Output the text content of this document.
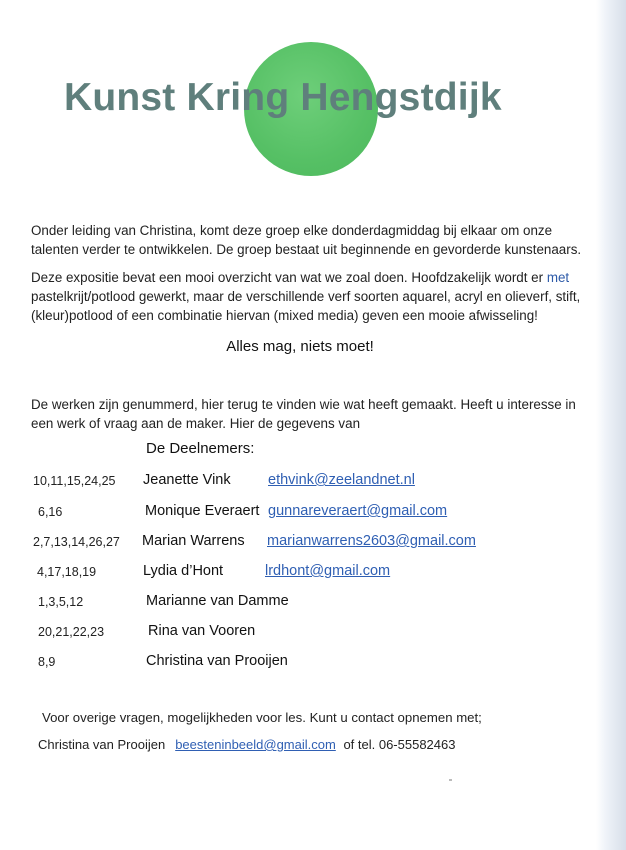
Kunst Kring Hengstdijk
Onder leiding van Christina, komt deze groep elke donderdagmiddag bij elkaar om onze talenten verder te ontwikkelen. De groep bestaat uit beginnende en gevorderde kunstenaars.
Deze expositie bevat een mooi overzicht van wat we zoal doen. Hoofdzakelijk wordt er met pastelkrijt/potlood gewerkt, maar de verschillende verf soorten aquarel, acryl en olieverf, stift, (kleur)potlood of een combinatie hiervan (mixed media) geven een mooie afwisseling!
Alles mag, niets moet!
De werken zijn genummerd, hier terug te vinden wie wat heeft gemaakt. Heeft u interesse in een werk of vraag aan de maker. Hier de gegevens van
De Deelnemers:
10,11,15,24,25 Jeanette Vink	ethvink@zeelandnet.nl
6,16	Monique Everaert gunnareveraert@gmail.com
2,7,13,14,26,27 Marian Warrens marianwarrens2603@gmail.com
4,17,18,19	Lydia d’Hont	lrdhont@gmail.com
1,3,5,12	Marianne van Damme
20,21,22,23	Rina van Vooren
8,9	Christina van Prooijen
Voor overige vragen, mogelijkheden voor les. Kunt u contact opnemen met;
Christina van Prooijen beesteninbeeld@gmail.com of tel. 06-55582463
